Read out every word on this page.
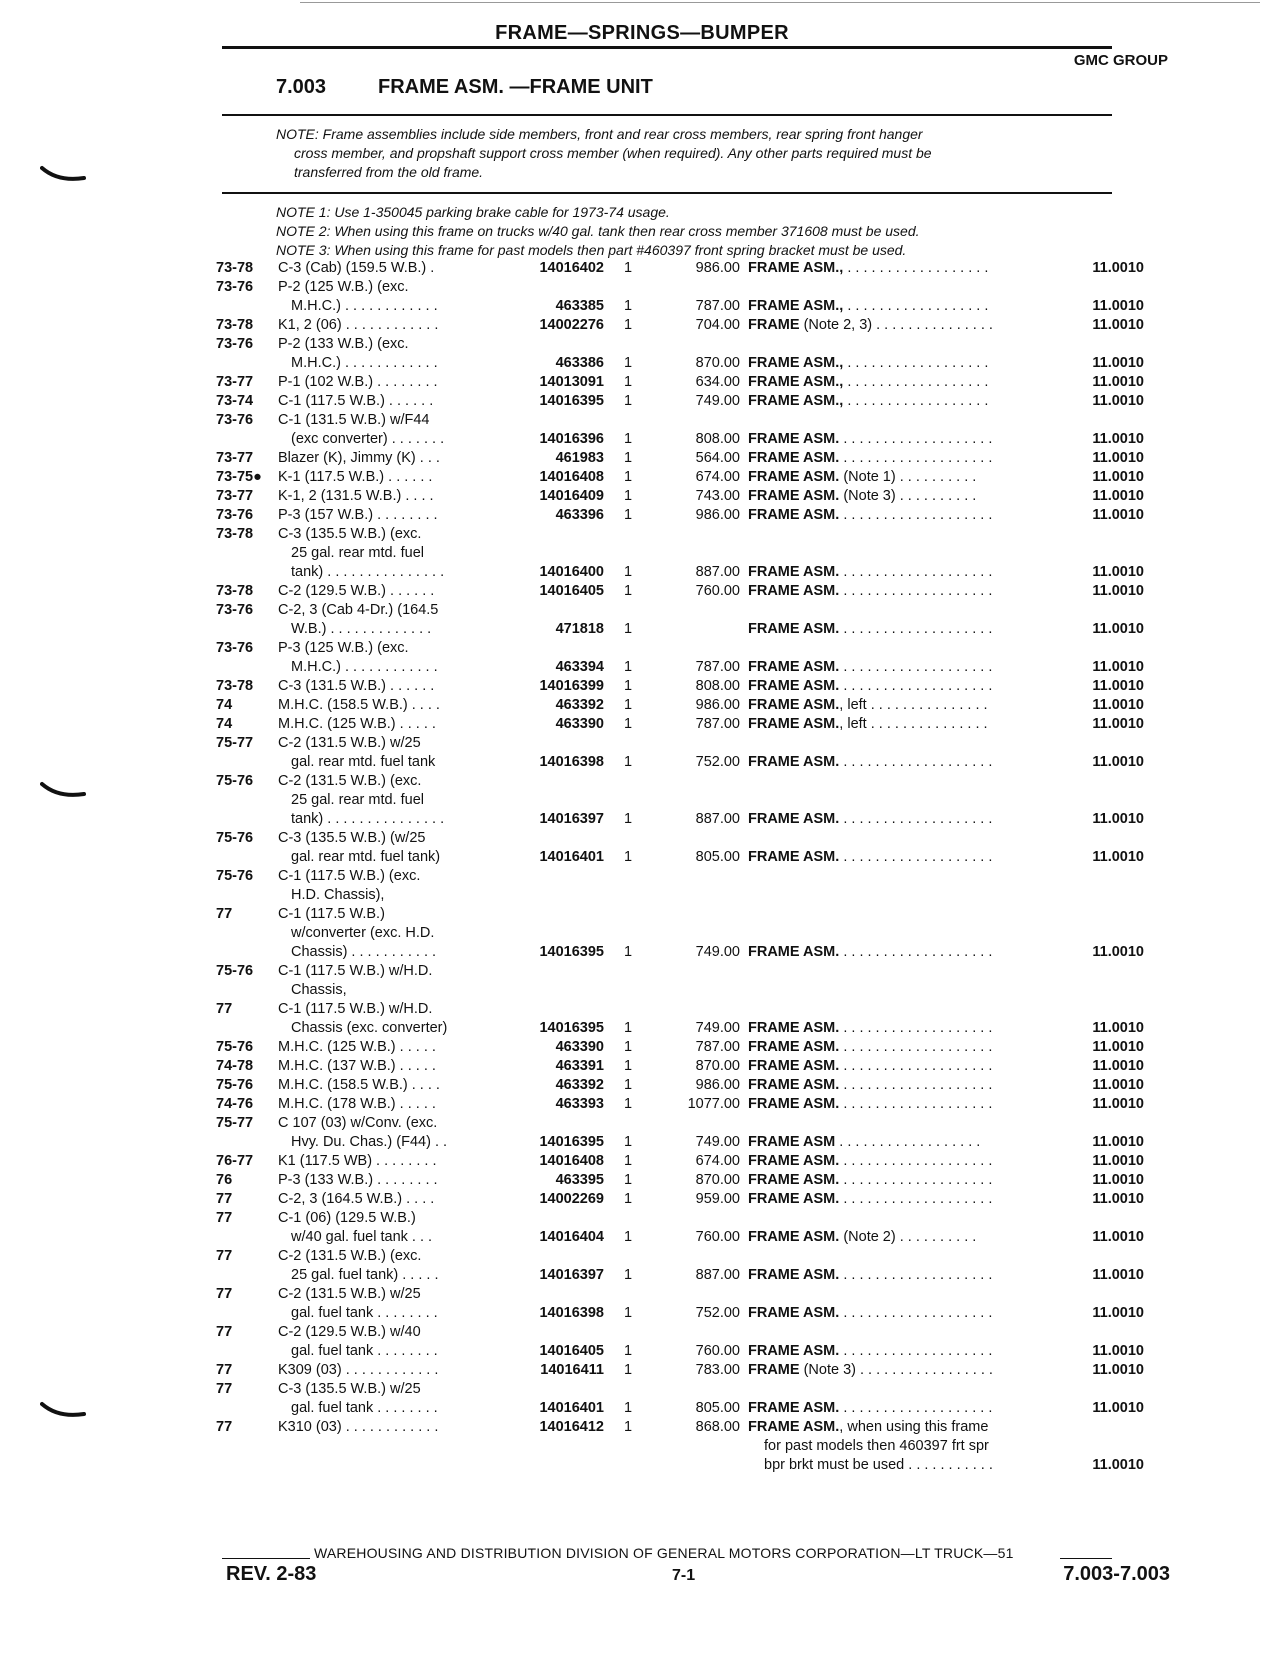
FRAME—SPRINGS—BUMPER
GMC GROUP
7.003	FRAME ASM. —FRAME UNIT
NOTE: Frame assemblies include side members, front and rear cross members, rear spring front hanger
cross member, and propshaft support cross member (when required). Any other parts required must be
transferred from the old frame.
NOTE 1: Use 1-350045 parking brake cable for 1973-74 usage.
NOTE 2: When using this frame on trucks w/40 gal. tank then rear cross member 371608 must be used.
NOTE 3: When using this frame for past models then part #460397 front spring bracket must be used.
73-78 C-3 (Cab) (159.5 W.B.) .	14016402	1	986.00 FRAME ASM., . . . . . . . . . . . . . . . . . .	11.0010
73-76 P-2 (125 W.B.) (exc.
M.H.C.) . . . . . . . . . . . .	463385	1	787.00 FRAME ASM., . . . . . . . . . . . . . . . . . .	11.0010
73-78 K1, 2 (06) . . . . . . . . . . . .	14002276	1	704.00 FRAME (Note 2, 3) . . . . . . . . . . . . . . .	11.0010
73-76 P-2 (133 W.B.) (exc.
M.H.C.) . . . . . . . . . . . .	463386	1	870.00 FRAME ASM., . . . . . . . . . . . . . . . . . .	11.0010
73-77 P-1 (102 W.B.) . . . . . . . .	14013091	1	634.00 FRAME ASM., . . . . . . . . . . . . . . . . . .	11.0010
73-74 C-1 (117.5 W.B.) . . . . . .	14016395	1	749.00 FRAME ASM., . . . . . . . . . . . . . . . . . .	11.0010
73-76 C-1 (131.5 W.B.) w/F44
(exc converter) . . . . . . .	14016396	1	808.00 FRAME ASM. . . . . . . . . . . . . . . . . . . .	11.0010
73-77 Blazer (K), Jimmy (K) . . .	461983	1	564.00 FRAME ASM. . . . . . . . . . . . . . . . . . . .	11.0010
73-75● K-1 (117.5 W.B.) . . . . . .	14016408	1	674.00 FRAME ASM. (Note 1) . . . . . . . . . .	11.0010
73-77 K-1, 2 (131.5 W.B.) . . . .	14016409	1	743.00 FRAME ASM. (Note 3) . . . . . . . . . .	11.0010
73-76 P-3 (157 W.B.) . . . . . . . .	463396	1	986.00 FRAME ASM. . . . . . . . . . . . . . . . . . . .	11.0010
73-78 C-3 (135.5 W.B.) (exc.
25 gal. rear mtd. fuel
tank) . . . . . . . . . . . . . . .	14016400	1	887.00 FRAME ASM. . . . . . . . . . . . . . . . . . . .	11.0010
73-78 C-2 (129.5 W.B.) . . . . . .	14016405	1	760.00 FRAME ASM. . . . . . . . . . . . . . . . . . . .	11.0010
73-76 C-2, 3 (Cab 4-Dr.) (164.5
W.B.) . . . . . . . . . . . . .	471818	1	FRAME ASM. . . . . . . . . . . . . . . . . . . .	11.0010
73-76 P-3 (125 W.B.) (exc.
M.H.C.) . . . . . . . . . . . .	463394	1	787.00 FRAME ASM. . . . . . . . . . . . . . . . . . . .	11.0010
73-78 C-3 (131.5 W.B.) . . . . . .	14016399	1	808.00 FRAME ASM. . . . . . . . . . . . . . . . . . . .	11.0010
74	M.H.C. (158.5 W.B.) . . . .	463392	1	986.00 FRAME ASM., left . . . . . . . . . . . . . . .	11.0010
74	M.H.C. (125 W.B.) . . . . .	463390	1	787.00 FRAME ASM., left . . . . . . . . . . . . . . .	11.0010
75-77 C-2 (131.5 W.B.) w/25
gal. rear mtd. fuel tank	14016398	1	752.00 FRAME ASM. . . . . . . . . . . . . . . . . . . .	11.0010
75-76 C-2 (131.5 W.B.) (exc.
25 gal. rear mtd. fuel
tank) . . . . . . . . . . . . . . .	14016397	1	887.00 FRAME ASM. . . . . . . . . . . . . . . . . . . .	11.0010
75-76 C-3 (135.5 W.B.) (w/25
gal. rear mtd. fuel tank)	14016401	1	805.00 FRAME ASM. . . . . . . . . . . . . . . . . . . .	11.0010
75-76 C-1 (117.5 W.B.) (exc.
H.D. Chassis),
77	C-1 (117.5 W.B.)
w/converter (exc. H.D.
Chassis) . . . . . . . . . . .	14016395	1	749.00 FRAME ASM. . . . . . . . . . . . . . . . . . . .	11.0010
75-76 C-1 (117.5 W.B.) w/H.D.
Chassis,
77	C-1 (117.5 W.B.) w/H.D.
Chassis (exc. converter)	14016395	1	749.00 FRAME ASM. . . . . . . . . . . . . . . . . . . .	11.0010
75-76 M.H.C. (125 W.B.) . . . . .	463390	1	787.00 FRAME ASM. . . . . . . . . . . . . . . . . . . .	11.0010
74-78 M.H.C. (137 W.B.) . . . . .	463391	1	870.00 FRAME ASM. . . . . . . . . . . . . . . . . . . .	11.0010
75-76 M.H.C. (158.5 W.B.) . . . .	463392	1	986.00 FRAME ASM. . . . . . . . . . . . . . . . . . . .	11.0010
74-76 M.H.C. (178 W.B.) . . . . .	463393	1	1077.00 FRAME ASM. . . . . . . . . . . . . . . . . . . .	11.0010
75-77 C 107 (03) w/Conv. (exc.
Hvy. Du. Chas.) (F44) . .	14016395	1	749.00 FRAME ASM . . . . . . . . . . . . . . . . . .	11.0010
76-77 K1 (117.5 WB) . . . . . . . .	14016408	1	674.00 FRAME ASM. . . . . . . . . . . . . . . . . . . .	11.0010
76	P-3 (133 W.B.) . . . . . . . .	463395	1	870.00 FRAME ASM. . . . . . . . . . . . . . . . . . . .	11.0010
77	C-2, 3 (164.5 W.B.) . . . .	14002269	1	959.00 FRAME ASM. . . . . . . . . . . . . . . . . . . .	11.0010
77	C-1 (06) (129.5 W.B.)
w/40 gal. fuel tank . . .	14016404	1	760.00 FRAME ASM. (Note 2) . . . . . . . . . .	11.0010
77	C-2 (131.5 W.B.) (exc.
25 gal. fuel tank) . . . . .	14016397	1	887.00 FRAME ASM. . . . . . . . . . . . . . . . . . . .	11.0010
77	C-2 (131.5 W.B.) w/25
gal. fuel tank . . . . . . . .	14016398	1	752.00 FRAME ASM. . . . . . . . . . . . . . . . . . . .	11.0010
77	C-2 (129.5 W.B.) w/40
gal. fuel tank . . . . . . . .	14016405	1	760.00 FRAME ASM. . . . . . . . . . . . . . . . . . . .	11.0010
77	K309 (03) . . . . . . . . . . . .	14016411	1	783.00 FRAME (Note 3) . . . . . . . . . . . . . . . . .	11.0010
77	C-3 (135.5 W.B.) w/25
gal. fuel tank . . . . . . . .	14016401	1	805.00 FRAME ASM. . . . . . . . . . . . . . . . . . . .	11.0010
77	K310 (03) . . . . . . . . . . . .	14016412	1	868.00 FRAME ASM., when using this frame
for past models then 460397 frt spr
bpr brkt must be used . . . . . . . . . . .	11.0010
WAREHOUSING AND DISTRIBUTION DIVISION OF GENERAL MOTORS CORPORATION—LT TRUCK—51
REV. 2-83	7-1	7.003-7.003
